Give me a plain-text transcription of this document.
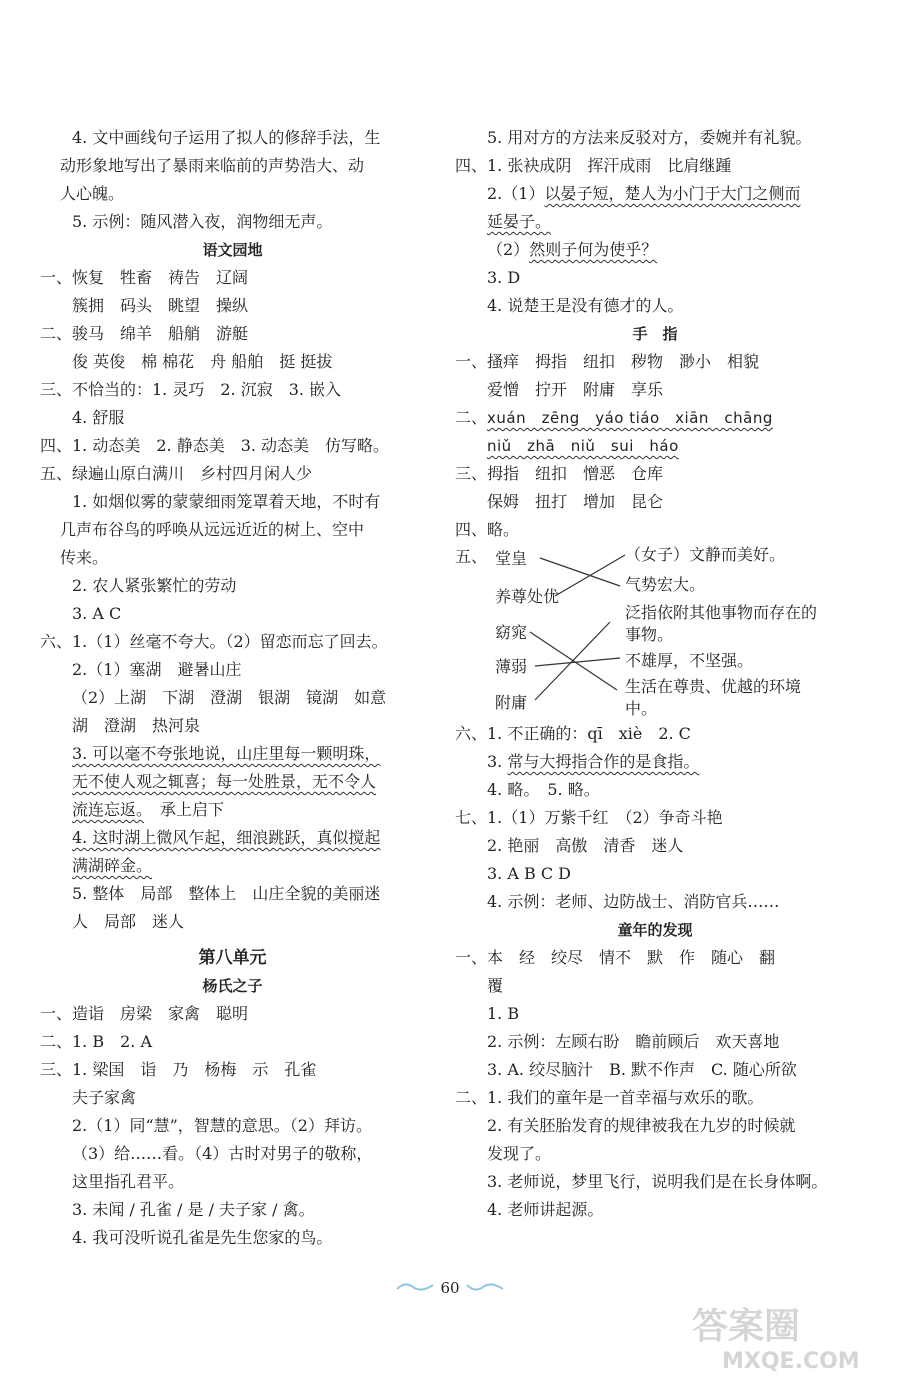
4. 文中画线句子运用了拟人的修辞手法，生
动形象地写出了暴雨来临前的声势浩大、动
人心魄。
5. 示例：随风潜入夜，润物细无声。
语文园地
一、恢复　牲畜　祷告　辽阔
簇拥　码头　眺望　操纵
二、骏马　绵羊　船艄　游艇
俊 英俊　棉 棉花　舟 船舶　挺 挺拔
三、不恰当的：1. 灵巧　2. 沉寂　3. 嵌入
4. 舒服
四、1. 动态美　2. 静态美　3. 动态美　仿写略。
五、绿遍山原白满川　乡村四月闲人少
1. 如烟似雾的蒙蒙细雨笼罩着天地，不时有
几声布谷鸟的呼唤从远远近近的树上、空中
传来。
2. 农人紧张繁忙的劳动
3. A C
六、1.（1）丝毫不夸大。（2）留恋而忘了回去。
2.（1）塞湖　避暑山庄
（2）上湖　下湖　澄湖　银湖　镜湖　如意
湖　澄湖　热河泉
3. 可以毫不夸张地说，山庄里每一颗明珠，
无不使人观之辄喜；每一处胜景，无不令人
流连忘返。　承上启下
4. 这时湖上微风乍起，细浪跳跃，真似搅起
满湖碎金。
5. 整体　局部　整体上　山庄全貌的美丽迷
人　局部　迷人
第八单元
杨氏之子
一、造诣　房梁　家禽　聪明
二、1. B　2. A
三、1. 梁国　诣　乃　杨梅　示　孔雀
夫子家禽
2.（1）同“慧”，智慧的意思。（2）拜访。
（3）给……看。（4）古时对男子的敬称，
这里指孔君平。
3. 未闻 / 孔雀 / 是 / 夫子家 / 禽。
4. 我可没听说孔雀是先生您家的鸟。
5. 用对方的方法来反驳对方，委婉并有礼貌。
四、1. 张袂成阴　挥汗成雨　比肩继踵
2.（1）以晏子短，楚人为小门于大门之侧而
延晏子。
（2）然则子何为使乎？
3. D
4. 说楚王是没有德才的人。
手　指
一、搔痒　拇指　纽扣　秽物　渺小　相貌
爱憎　拧开　附庸　享乐
二、xuán　zēng　yáo tiáo　xiān　chāng
niǔ　zhā　niǔ　sui　háo
三、拇指　纽扣　憎恶　仓库
保姆　扭打　增加　昆仑
四、略。
五、 堂皇
养尊处优
窈窕
薄弱
附庸
（女子）文静而美好。
气势宏大。
泛指依附其他事物而存在的事物。
不雄厚，不坚强。
生活在尊贵、优越的环境中。
六、1. 不正确的：qī　xiè　2. C
3. 常与大拇指合作的是食指。
4. 略。　5. 略。
七、1.（1）万紫千红　（2）争奇斗艳
2. 艳丽　高傲　清香　迷人
3. A B C D
4. 示例：老师、边防战士、消防官兵……
童年的发现
一、本　经　绞尽　情不　默　作　随心　翻
覆
1. B
2. 示例：左顾右盼　瞻前顾后　欢天喜地
3. A. 绞尽脑汁　B. 默不作声　C. 随心所欲
二、1. 我们的童年是一首幸福与欢乐的歌。
2. 有关胚胎发育的规律被我在九岁的时候就
发现了。
3. 老师说，梦里飞行，说明我们是在长身体啊。
4. 老师讲起源。
60
答案圈
MXQE.COM
